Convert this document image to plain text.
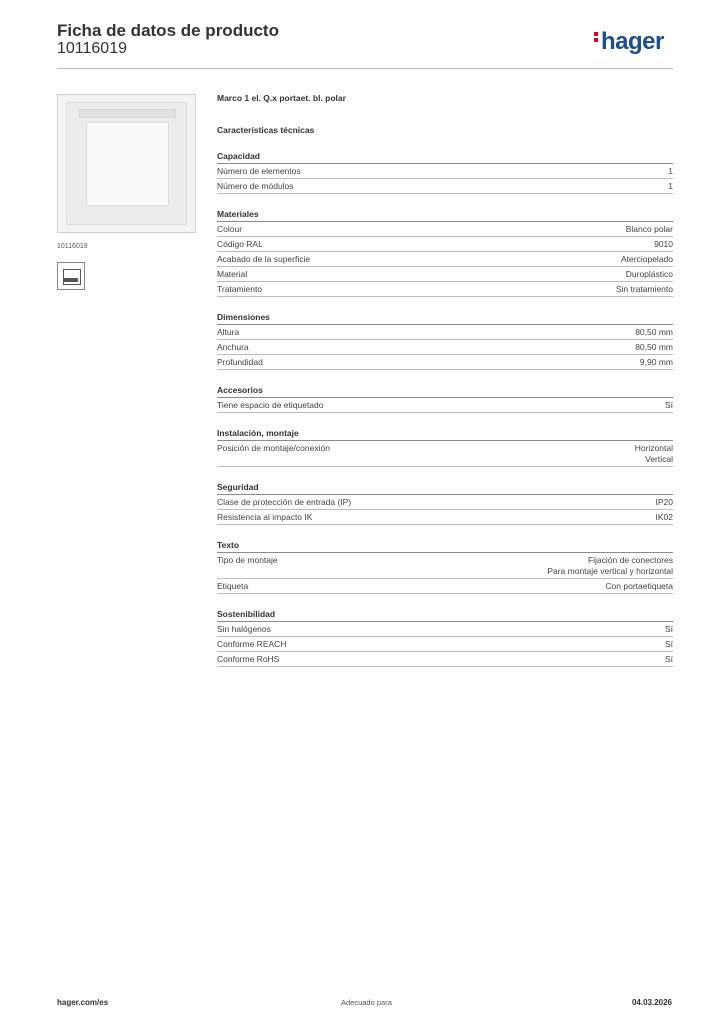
Ficha de datos de producto
10116019	hager
10116019
Marco 1 el. Q.x portaet. bl. polar
Características técnicas
Capacidad
Número de elementos	1
Número de módulos	1
Materiales
Colour	Blanco polar
Código RAL	9010
Acabado de la superficie	Aterciopelado
Material	Duroplástico
Tratamiento	Sin tratamiento
Dimensiones
Altura	80,50 mm
Anchura	80,50 mm
Profundidad	9,90 mm
Accesorios
Tiene espacio de etiquetado	Sí
Instalación, montaje
Posición de montaje/conexión	Horizontal
Vertical
Seguridad
Clase de protección de entrada (IP)	IP20
Resistencia al impacto IK	IK02
Texto
Tipo de montaje	Fijación de conectores
Para montaje vertical y horizontal
Etiqueta	Con portaetiqueta
Sostenibilidad
Sin halógenos	Sí
Conforme REACH	Sí
Conforme RoHS	Sí
hager.com/es	Adecuado para	04.03.2026
